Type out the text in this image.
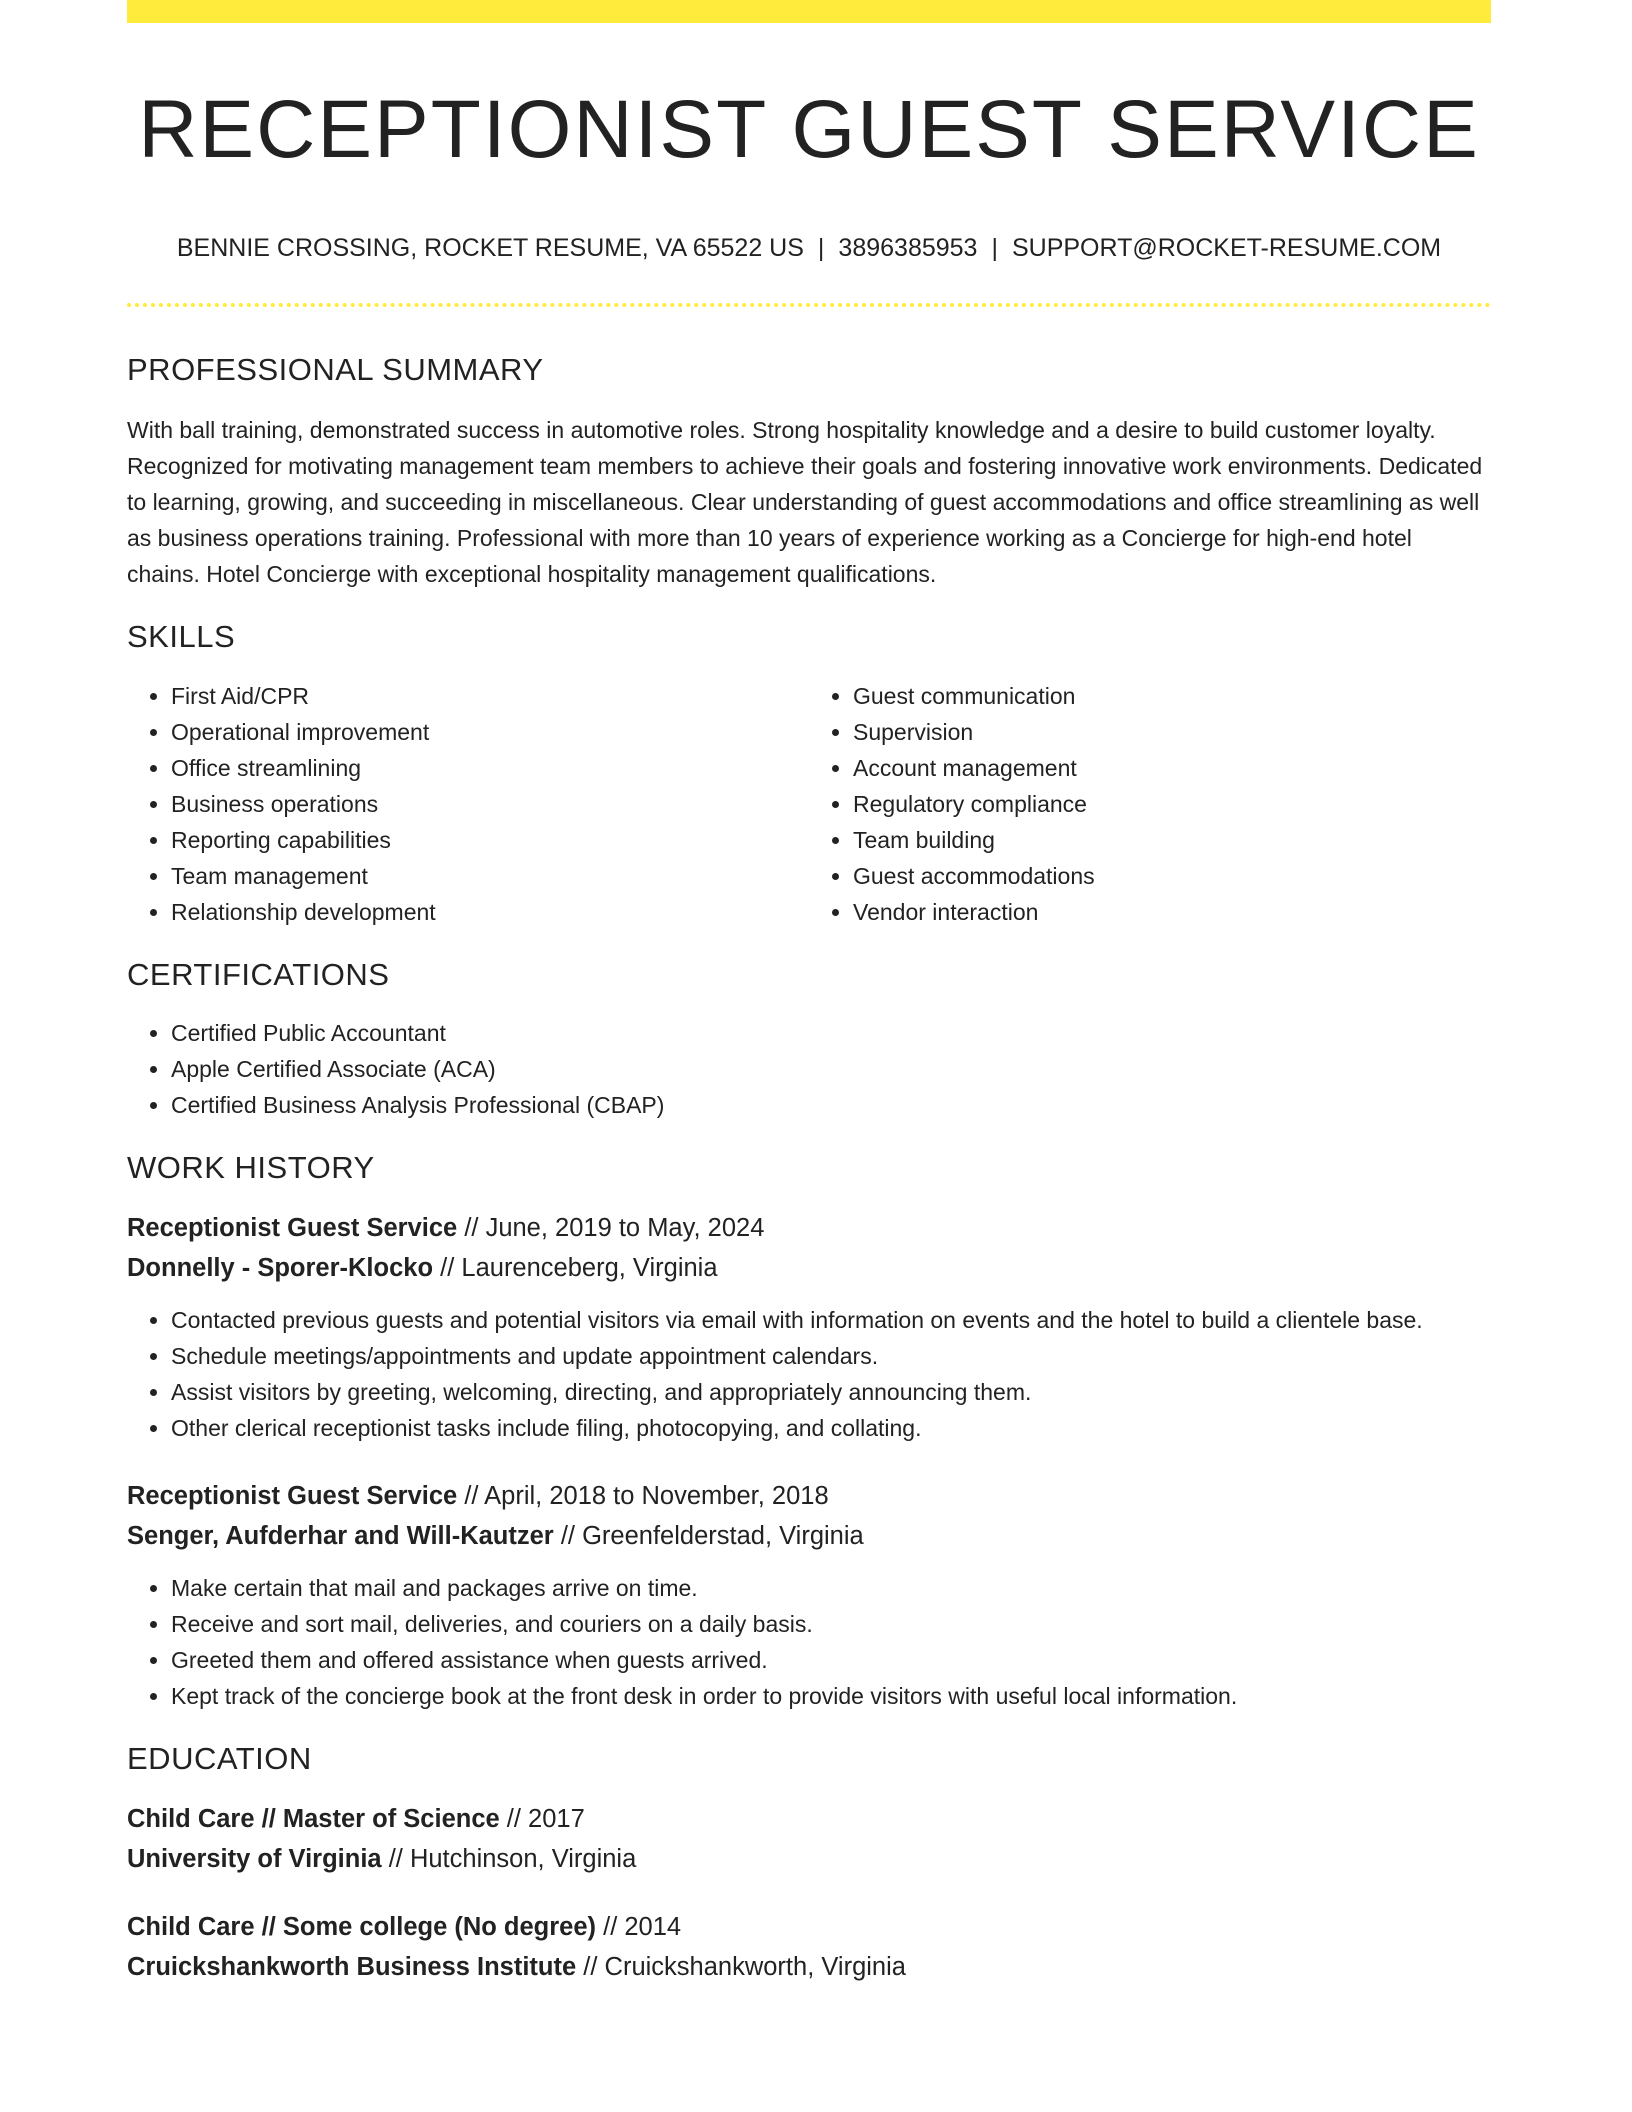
RECEPTIONIST GUEST SERVICE
BENNIE CROSSING, ROCKET RESUME, VA 65522 US | 3896385953 | SUPPORT@ROCKET-RESUME.COM
PROFESSIONAL SUMMARY

With ball training, demonstrated success in automotive roles. Strong hospitality knowledge and a desire to build customer loyalty. Recognized for motivating management team members to achieve their goals and fostering innovative work environments. Dedicated to learning, growing, and succeeding in miscellaneous. Clear understanding of guest accommodations and office streamlining as well as business operations training. Professional with more than 10 years of experience working as a Concierge for high-end hotel chains. Hotel Concierge with exceptional hospitality management qualifications.

SKILLS
• First Aid/CPR
• Operational improvement
• Office streamlining
• Business operations
• Reporting capabilities
• Team management
• Relationship development
• Guest communication
• Supervision
• Account management
• Regulatory compliance
• Team building
• Guest accommodations
• Vendor interaction
CERTIFICATIONS
• Certified Public Accountant
• Apple Certified Associate (ACA)
• Certified Business Analysis Professional (CBAP)
WORK HISTORY
Receptionist Guest Service // June, 2019 to May, 2024
Donnelly - Sporer-Klocko // Laurenceberg, Virginia
• Contacted previous guests and potential visitors via email with information on events and the hotel to build a clientele base.
• Schedule meetings/appointments and update appointment calendars.
• Assist visitors by greeting, welcoming, directing, and appropriately announcing them.
• Other clerical receptionist tasks include filing, photocopying, and collating.
Receptionist Guest Service // April, 2018 to November, 2018
Senger, Aufderhar and Will-Kautzer // Greenfelderstad, Virginia
• Make certain that mail and packages arrive on time.
• Receive and sort mail, deliveries, and couriers on a daily basis.
• Greeted them and offered assistance when guests arrived.
• Kept track of the concierge book at the front desk in order to provide visitors with useful local information.
EDUCATION
Child Care // Master of Science // 2017
University of Virginia // Hutchinson, Virginia
Child Care // Some college (No degree) // 2014
Cruickshankworth Business Institute // Cruickshankworth, Virginia
